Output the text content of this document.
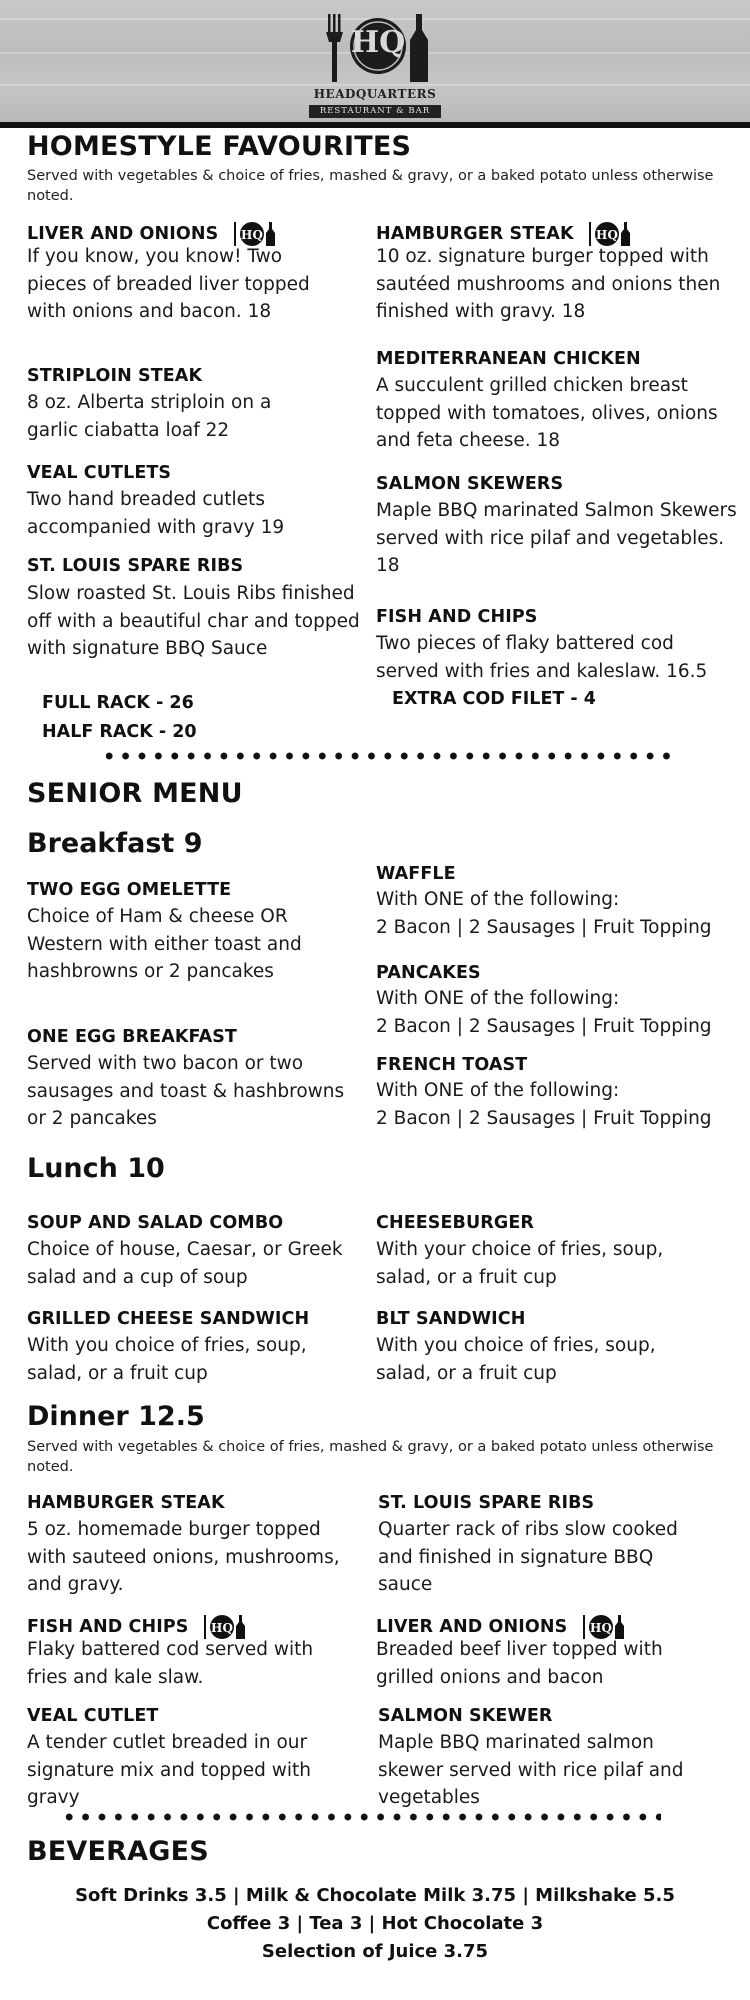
HQ
HEADQUARTERS
RESTAURANT & BAR
HOMESTYLE FAVOURITES
Served with vegetables & choice of fries, mashed & gravy, or a baked potato unless otherwise noted.
LIVER AND ONIONS HQ
If you know, you know! Two pieces of breaded liver topped with onions and bacon. 18
STRIPLOIN STEAK
8 oz. Alberta striploin on a garlic ciabatta loaf 22
VEAL CUTLETS
Two hand breaded cutlets accompanied with gravy 19
ST. LOUIS SPARE RIBS
Slow roasted St. Louis Ribs finished off with a beautiful char and topped with signature BBQ Sauce
FULL RACK - 26
HALF RACK - 20
HAMBURGER STEAK HQ
10 oz. signature burger topped with sautéed mushrooms and onions then finished with gravy. 18
MEDITERRANEAN CHICKEN
A succulent grilled chicken breast topped with tomatoes, olives, onions and feta cheese. 18
SALMON SKEWERS
Maple BBQ marinated Salmon Skewers served with rice pilaf and vegetables. 18
FISH AND CHIPS
Two pieces of flaky battered cod served with fries and kaleslaw. 16.5
EXTRA COD FILET - 4
SENIOR MENU
Breakfast 9
TWO EGG OMELETTE
Choice of Ham & cheese OR Western with either toast and hashbrowns or 2 pancakes
ONE EGG BREAKFAST
Served with two bacon or two sausages and toast & hashbrowns or 2 pancakes
WAFFLE
With ONE of the following:
2 Bacon | 2 Sausages | Fruit Topping
PANCAKES
With ONE of the following:
2 Bacon | 2 Sausages | Fruit Topping
FRENCH TOAST
With ONE of the following:
2 Bacon | 2 Sausages | Fruit Topping
Lunch 10
SOUP AND SALAD COMBO
Choice of house, Caesar, or Greek salad and a cup of soup
GRILLED CHEESE SANDWICH
With you choice of fries, soup, salad, or a fruit cup
CHEESEBURGER
With your choice of fries, soup, salad, or a fruit cup
BLT SANDWICH
With you choice of fries, soup, salad, or a fruit cup
Dinner 12.5
Served with vegetables & choice of fries, mashed & gravy, or a baked potato unless otherwise noted.
HAMBURGER STEAK
5 oz. homemade burger topped with sauteed onions, mushrooms, and gravy.
FISH AND CHIPS HQ
Flaky battered cod served with fries and kale slaw.
VEAL CUTLET
A tender cutlet breaded in our signature mix and topped with gravy
ST. LOUIS SPARE RIBS
Quarter rack of ribs slow cooked and finished in signature BBQ sauce
LIVER AND ONIONS HQ
Breaded beef liver topped with grilled onions and bacon
SALMON SKEWER
Maple BBQ marinated salmon skewer served with rice pilaf and vegetables
BEVERAGES
Soft Drinks 3.5 | Milk & Chocolate Milk 3.75 | Milkshake 5.5
Coffee 3 | Tea 3 | Hot Chocolate 3
Selection of Juice 3.75
